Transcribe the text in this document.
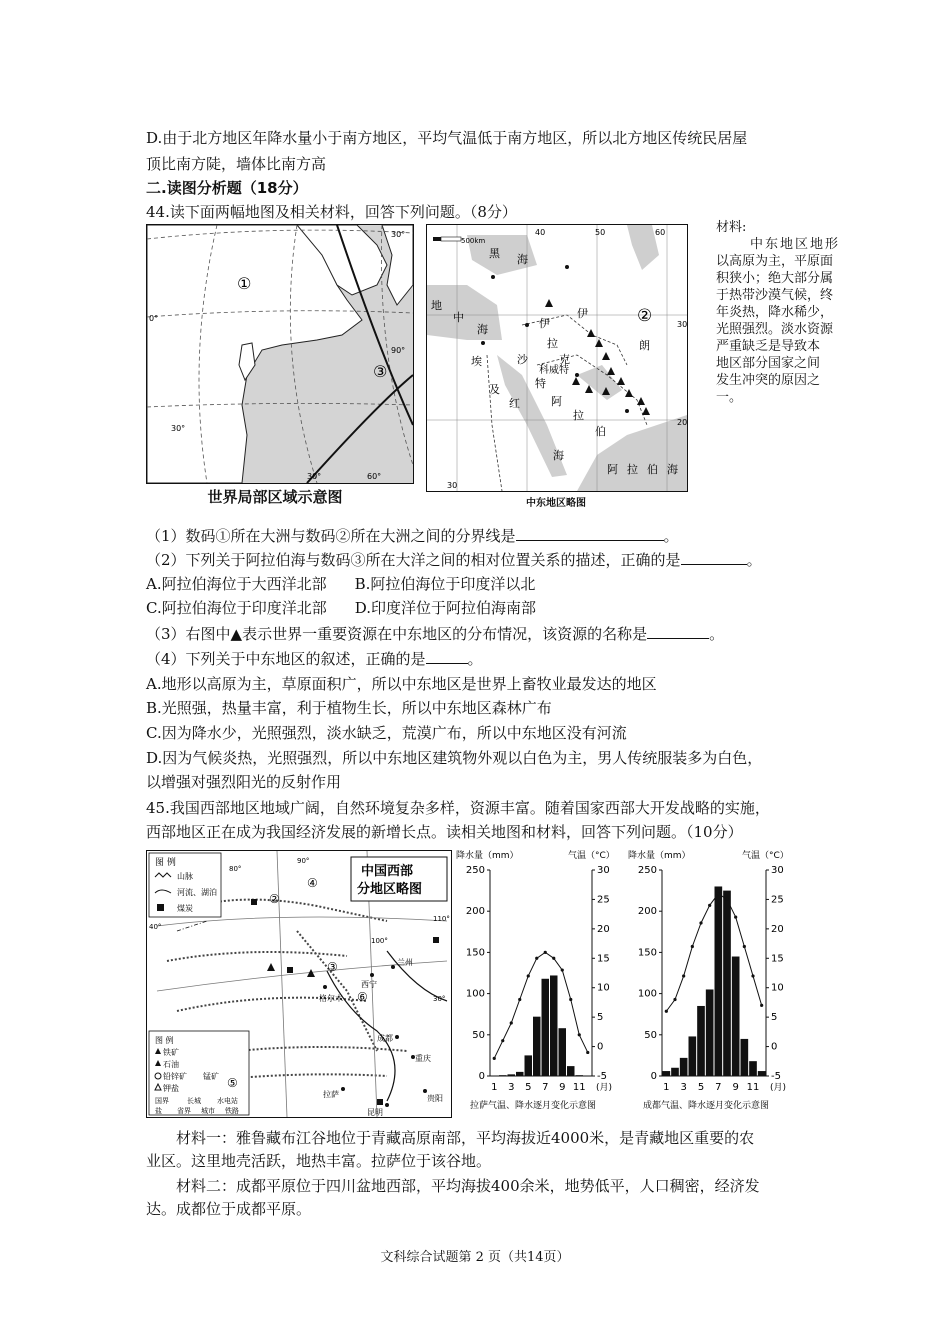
D.由于北方地区年降水量小于南方地区，平均气温低于南方地区，所以北方地区传统民居屋
顶比南方陡，墙体比南方高
二.读图分析题（18分）
44.读下面两幅地图及相关材料，回答下列问题。（8分）
①
③
30°
0°
30°
90°
30°	60°
世界局部区域示意图
500km
40	50	60
30
20
30
②
黑 海
地
中
海	伊
拉
克
伊
朗
沙
科威特
特
埃
及
红	阿
拉
伯
海
阿 拉 伯 海
中东地区略图
材料:
中东地区地形
以高原为主，平原面
积狭小；绝大部分属
于热带沙漠气候，终
年炎热，降水稀少，
光照强烈。淡水资源
严重缺乏是导致本
地区部分国家之间
发生冲突的原因之
一。
（1）数码①所在大洲与数码②所在大洲之间的分界线是	。
（2）下列关于阿拉伯海与数码③所在大洋之间的相对位置关系的描述，正确的是	。
A.阿拉伯海位于大西洋北部 B.阿拉伯海位于印度洋以北
C.阿拉伯海位于印度洋北部 D.印度洋位于阿拉伯海南部
（3）右图中▲表示世界一重要资源在中东地区的分布情况，该资源的名称是	。
（4）下列关于中东地区的叙述，正确的是	。
A.地形以高原为主，草原面积广，所以中东地区是世界上畜牧业最发达的地区
B.光照强，热量丰富，利于植物生长，所以中东地区森林广布
C.因为降水少，光照强烈，淡水缺乏，荒漠广布，所以中东地区没有河流
D.因为气候炎热，光照强烈，所以中东地区建筑物外观以白色为主，男人传统服装多为白色，
以增强对强烈阳光的反射作用
45.我国西部地区地域广阔，自然环境复杂多样，资源丰富。随着国家西部大开发战略的实施，
西部地区正在成为我国经济发展的新增长点。读相关地图和材料，回答下列问题。（10分）
图 例
山脉
河流、湖泊
煤炭
中国西部
分地区略图
图 例
铁矿
石油
铅锌矿 锰矿
钾盐
国界	长城 水电站
盐 省界 城市 铁路
②
③
④
⑤
⑥
格尔木
西宁
兰州
成都
重庆
拉萨
昆明
贵阳
80°
90°
100°
110°
40°
30°
降水量（mm）	气温（°C）
0
50
100
150
200
250
-5
0
5
10
15
20
25
30
1 3 5 7 9 11 (月)
拉萨气温、降水逐月变化示意图
降水量（mm）	气温（°C）
0
50
100
150
200
250
-5
0
5
10
15
20
25
30
1 3 5 7 9 11 (月)
成都气温、降水逐月变化示意图
材料一：雅鲁藏布江谷地位于青藏高原南部，平均海拔近4000米，是青藏地区重要的农
业区。这里地壳活跃，地热丰富。拉萨位于该谷地。
材料二：成都平原位于四川盆地西部，平均海拔400余米，地势低平，人口稠密，经济发
达。成都位于成都平原。
文科综合试题第 2 页（共14页）
